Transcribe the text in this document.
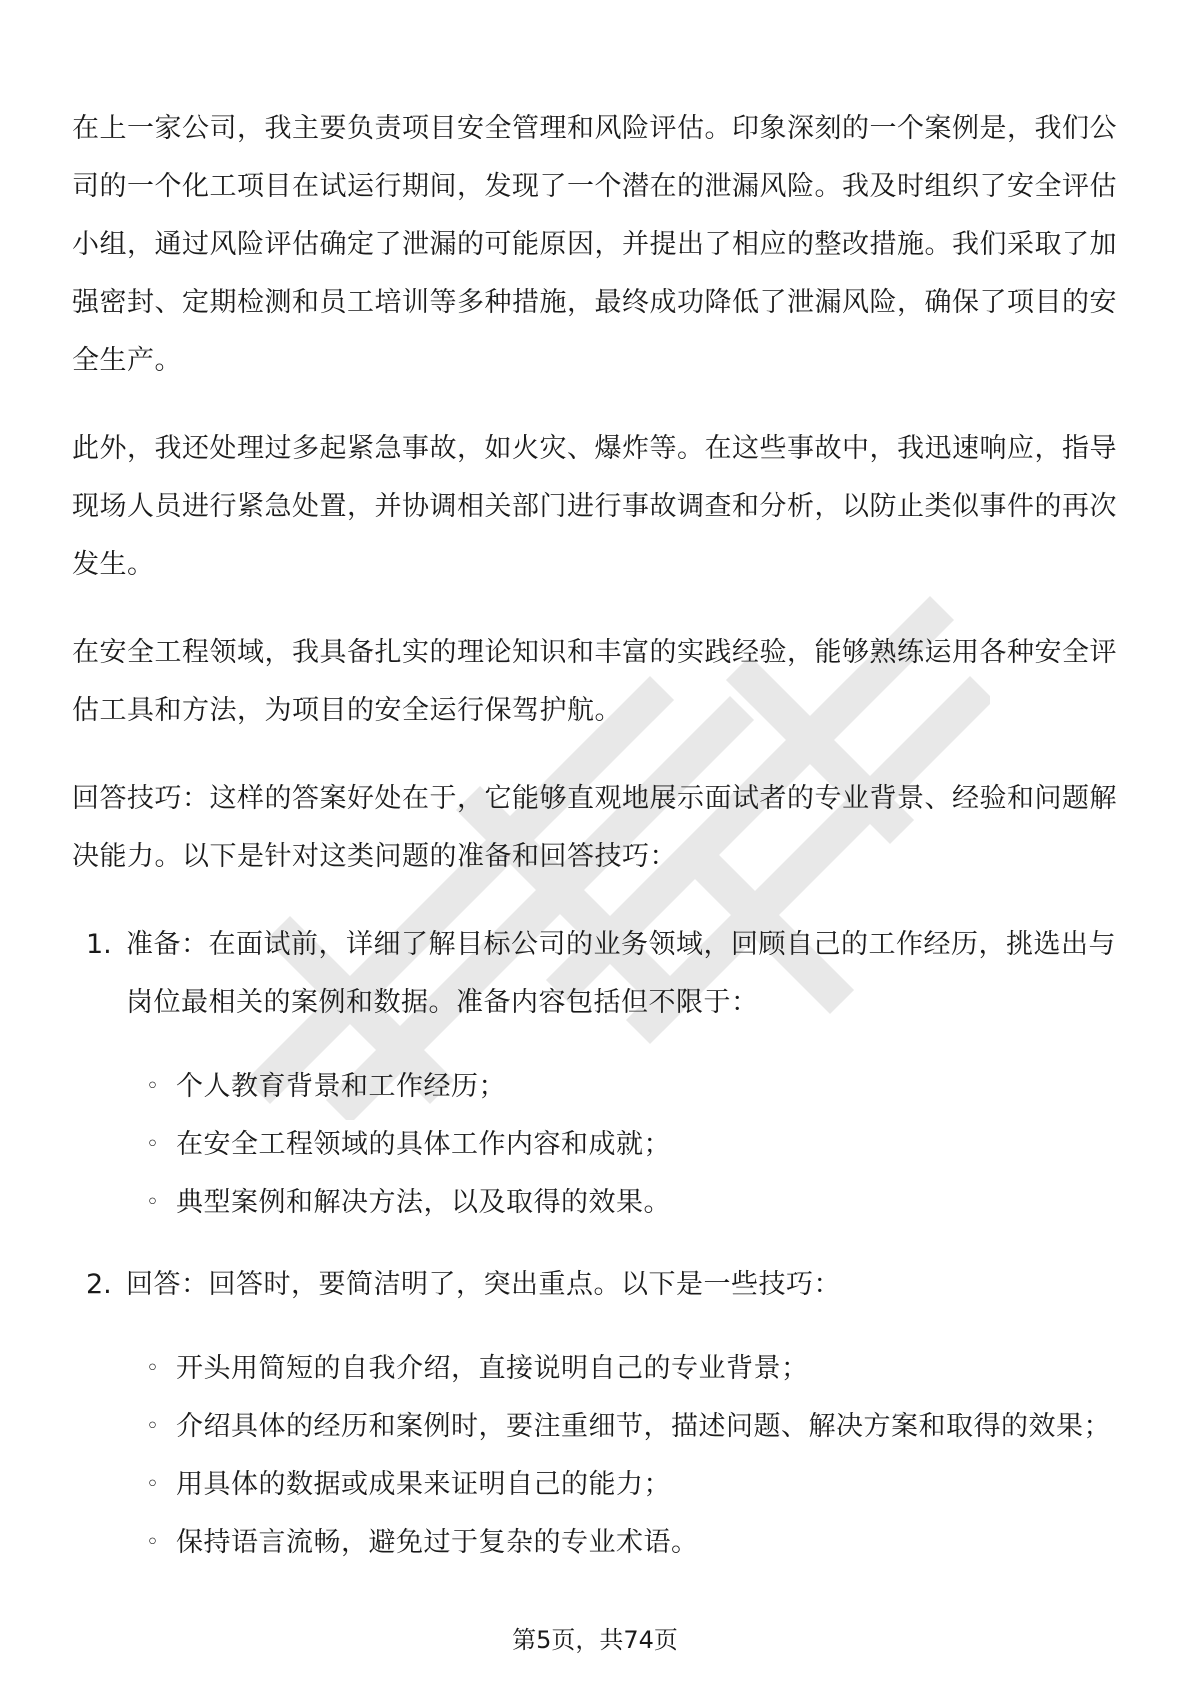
在上一家公司，我主要负责项目安全管理和风险评估。印象深刻的一个案例是，我们公司的一个化工项目在试运行期间，发现了一个潜在的泄漏风险。我及时组织了安全评估小组，通过风险评估确定了泄漏的可能原因，并提出了相应的整改措施。我们采取了加强密封、定期检测和员工培训等多种措施，最终成功降低了泄漏风险，确保了项目的安全生产。

此外，我还处理过多起紧急事故，如火灾、爆炸等。在这些事故中，我迅速响应，指导现场人员进行紧急处置，并协调相关部门进行事故调查和分析，以防止类似事件的再次发生。

在安全工程领域，我具备扎实的理论知识和丰富的实践经验，能够熟练运用各种安全评估工具和方法，为项目的安全运行保驾护航。

回答技巧：这样的答案好处在于，它能够直观地展示面试者的专业背景、经验和问题解决能力。以下是针对这类问题的准备和回答技巧：

1. 准备：在面试前，详细了解目标公司的业务领域，回顾自己的工作经历，挑选出与岗位最相关的案例和数据。准备内容包括但不限于：

◦ 个人教育背景和工作经历；
◦ 在安全工程领域的具体工作内容和成就；
◦ 典型案例和解决方法，以及取得的效果。
2. 回答：回答时，要简洁明了，突出重点。以下是一些技巧：

◦ 开头用简短的自我介绍，直接说明自己的专业背景；
◦ 介绍具体的经历和案例时，要注重细节，描述问题、解决方案和取得的效果；
◦ 用具体的数据或成果来证明自己的能力；
◦ 保持语言流畅，避免过于复杂的专业术语。
第5页，共74页
